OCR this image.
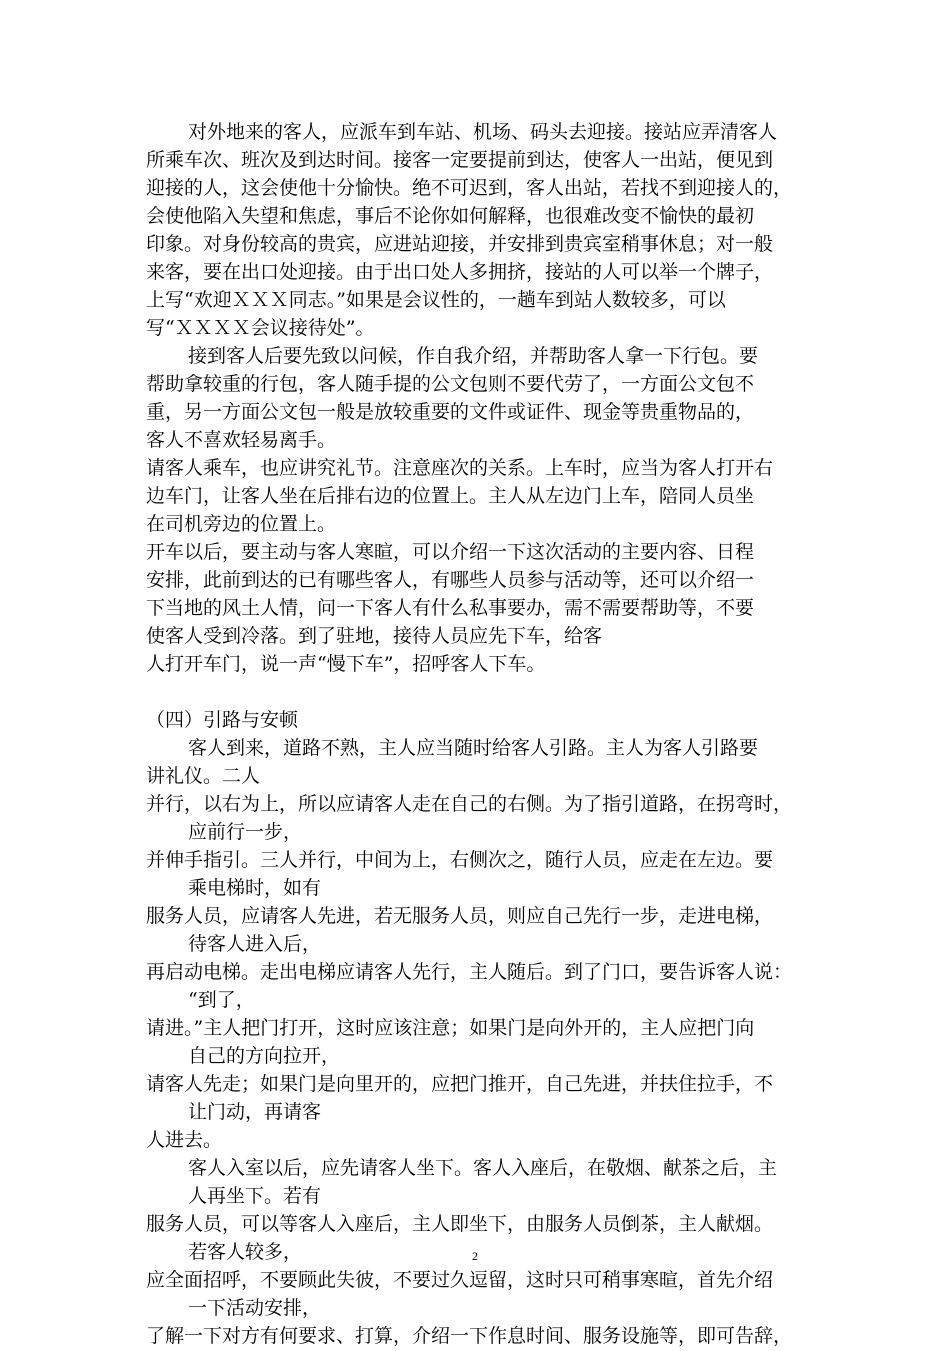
对外地来的客人，应派车到车站、机场、码头去迎接。接站应弄清客人
所乘车次、班次及到达时间。接客一定要提前到达，使客人一出站，便见到
迎接的人，这会使他十分愉快。绝不可迟到，客人出站，若找不到迎接人的，
会使他陷入失望和焦虑，事后不论你如何解释，也很难改变不愉快的最初
印象。对身份较高的贵宾，应进站迎接，并安排到贵宾室稍事休息；对一般
来客，要在出口处迎接。由于出口处人多拥挤，接站的人可以举一个牌子，
上写“欢迎ＸＸＸ同志。”如果是会议性的，一趟车到站人数较多，可以
写“ＸＸＸＸ会议接待处”。
接到客人后要先致以问候，作自我介绍，并帮助客人拿一下行包。要
帮助拿较重的行包，客人随手提的公文包则不要代劳了，一方面公文包不
重，另一方面公文包一般是放较重要的文件或证件、现金等贵重物品的，
客人不喜欢轻易离手。
请客人乘车，也应讲究礼节。注意座次的关系。上车时，应当为客人打开右
边车门，让客人坐在后排右边的位置上。主人从左边门上车，陪同人员坐
在司机旁边的位置上。
开车以后，要主动与客人寒暄，可以介绍一下这次活动的主要内容、日程
安排，此前到达的已有哪些客人，有哪些人员参与活动等，还可以介绍一
下当地的风土人情，问一下客人有什么私事要办，需不需要帮助等，不要
使客人受到冷落。到了驻地，接待人员应先下车，给客
人打开车门，说一声“慢下车”，招呼客人下车。
（四）引路与安顿
客人到来，道路不熟，主人应当随时给客人引路。主人为客人引路要
讲礼仪。二人
并行，以右为上，所以应请客人走在自己的右侧。为了指引道路，在拐弯时，
应前行一步，
并伸手指引。三人并行，中间为上，右侧次之，随行人员，应走在左边。要
乘电梯时，如有
服务人员，应请客人先进，若无服务人员，则应自己先行一步，走进电梯，
待客人进入后，
再启动电梯。走出电梯应请客人先行，主人随后。到了门口，要告诉客人说：
“到了，
请进。”主人把门打开，这时应该注意；如果门是向外开的，主人应把门向
自己的方向拉开，
请客人先走；如果门是向里开的，应把门推开，自己先进，并扶住拉手，不
让门动，再请客
人进去。
客人入室以后，应先请客人坐下。客人入座后，在敬烟、献茶之后，主
人再坐下。若有
服务人员，可以等客人入座后，主人即坐下，由服务人员倒茶，主人献烟。
若客人较多，
应全面招呼，不要顾此失彼，不要过久逗留，这时只可稍事寒暄，首先介绍
一下活动安排，
了解一下对方有何要求、打算，介绍一下作息时间、服务设施等，即可告辞，
2
